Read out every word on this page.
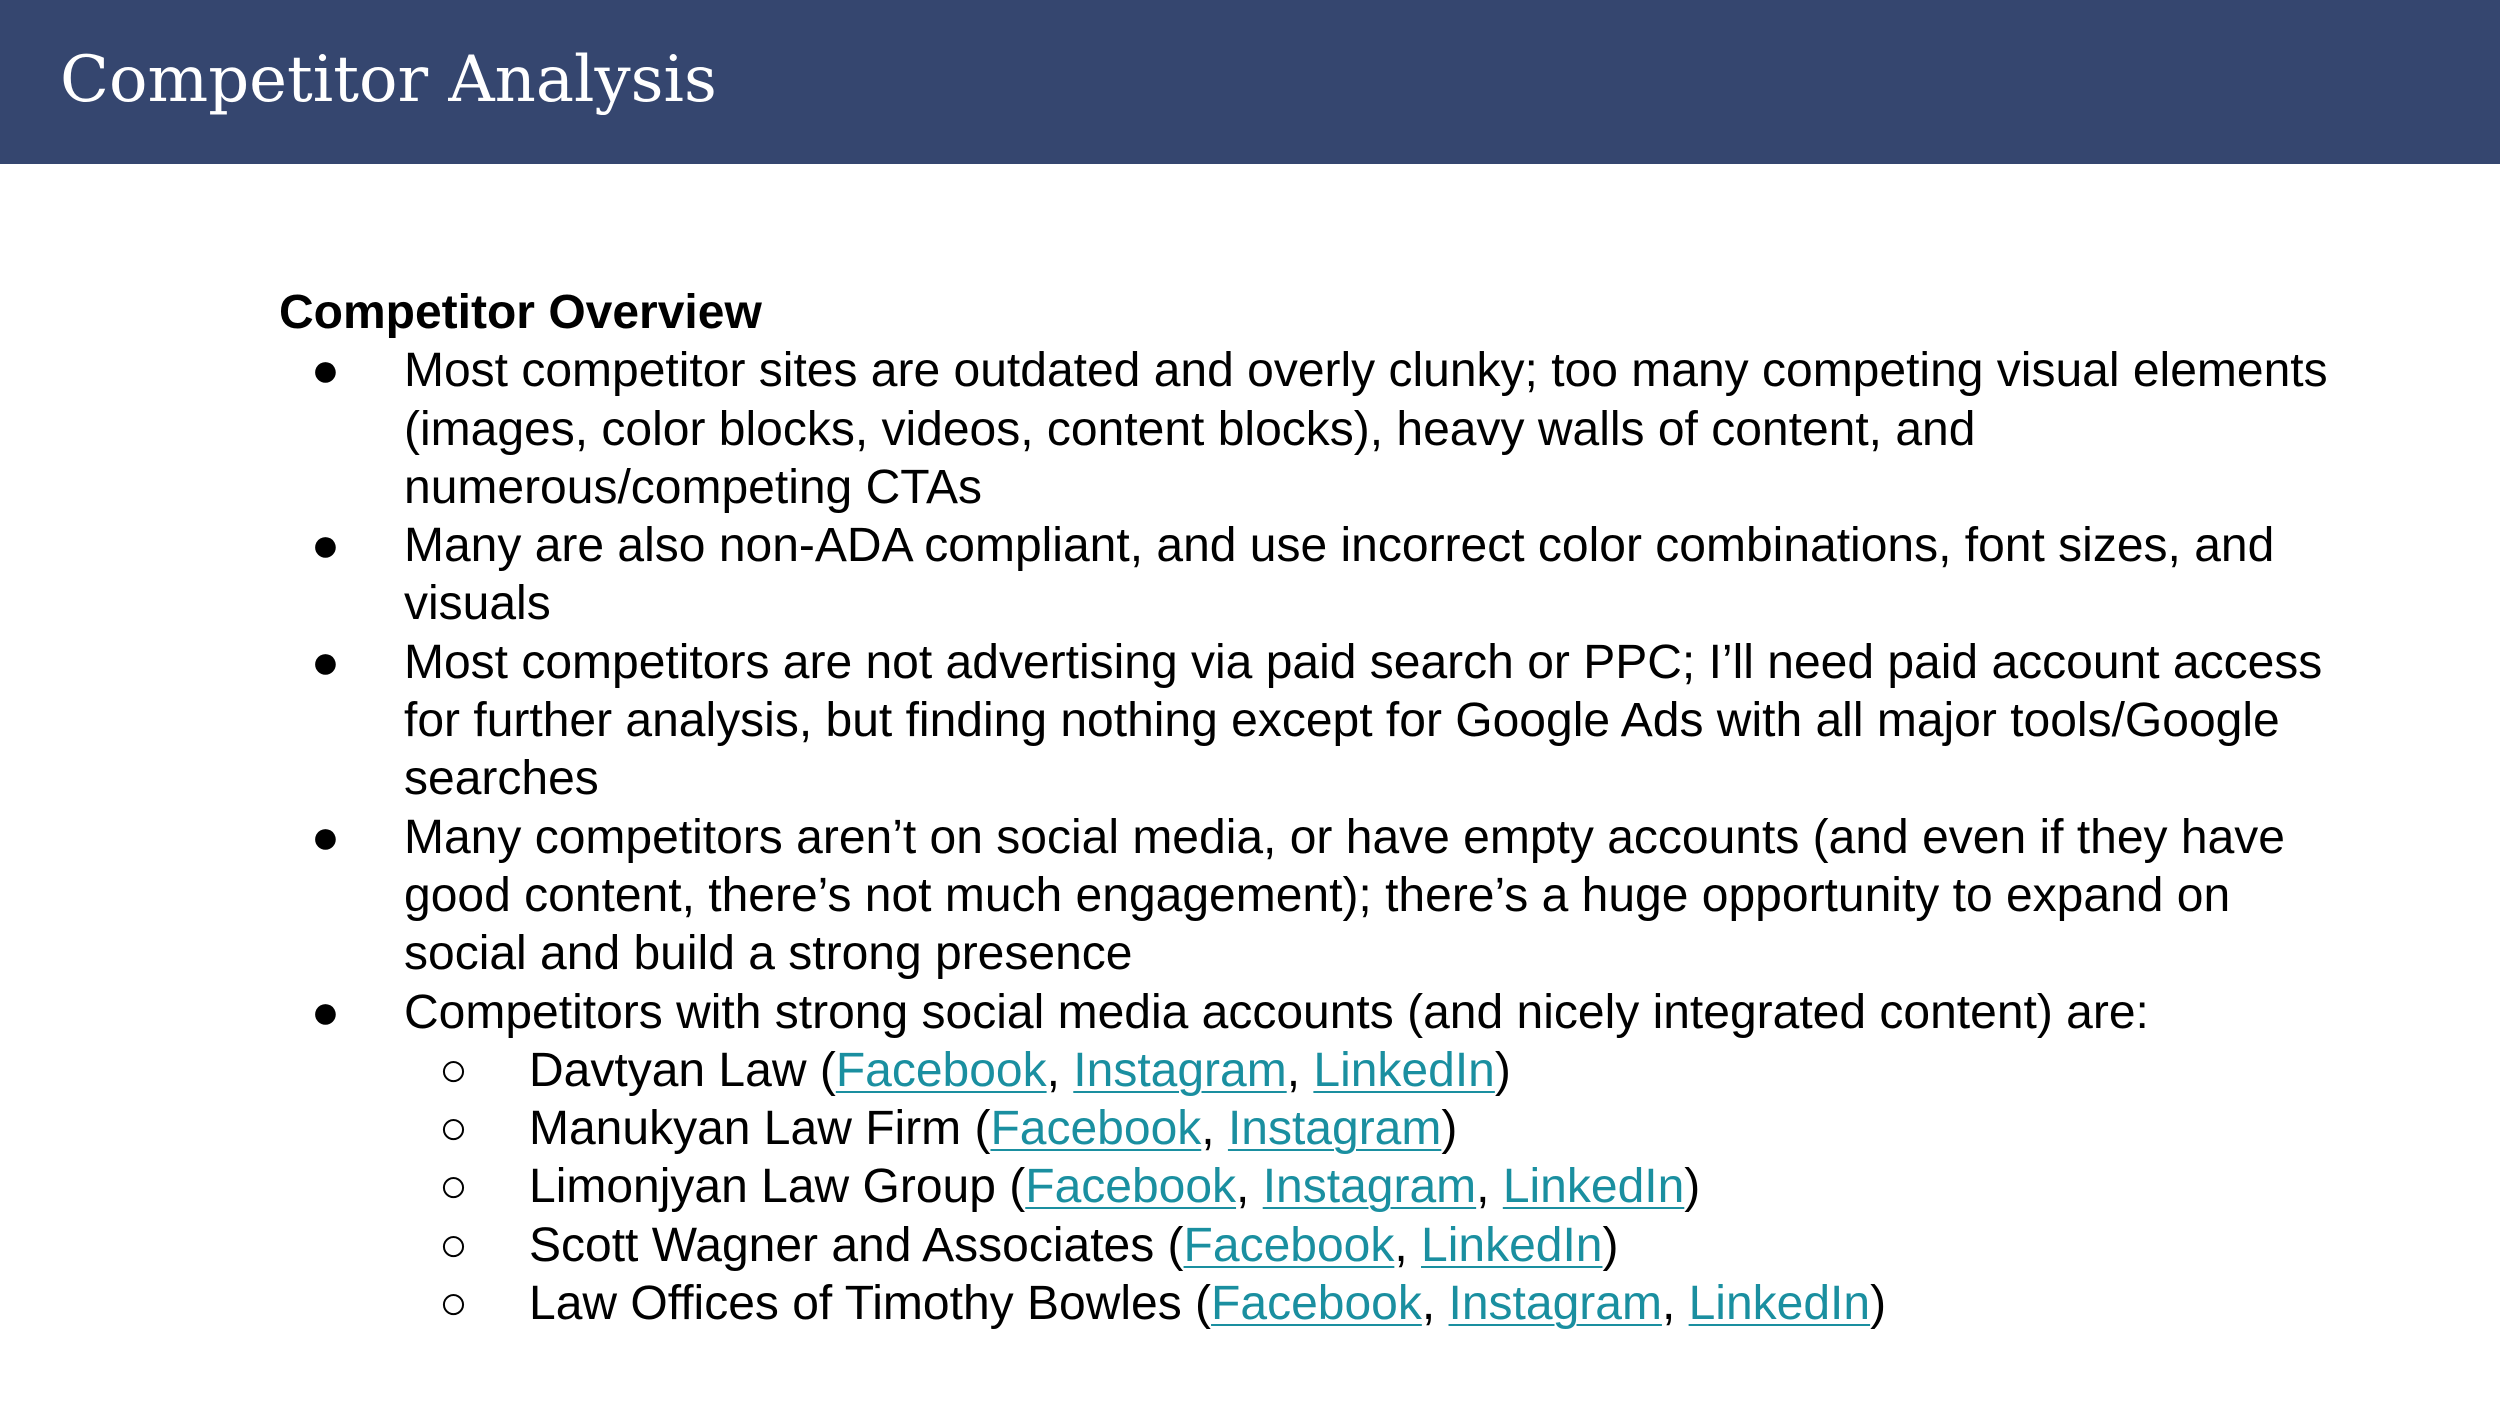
Competitor Analysis
Competitor Overview
● Most competitor sites are outdated and overly clunky; too many competing visual elements (images, color blocks, videos, content blocks), heavy walls of content, and numerous/competing CTAs
● Many are also non-ADA compliant, and use incorrect color combinations, font sizes, and visuals
● Most competitors are not advertising via paid search or PPC; I’ll need paid account access for further analysis, but finding nothing except for Google Ads with all major tools/Google searches
● Many competitors aren’t on social media, or have empty accounts (and even if they have good content, there’s not much engagement); there’s a huge opportunity to expand on social and build a strong presence
● Competitors with strong social media accounts (and nicely integrated content) are:
○ Davtyan Law (Facebook, Instagram, LinkedIn)
○ Manukyan Law Firm (Facebook, Instagram)
○ Limonjyan Law Group (Facebook, Instagram, LinkedIn)
○ Scott Wagner and Associates (Facebook, LinkedIn)
○ Law Offices of Timothy Bowles (Facebook, Instagram, LinkedIn)
